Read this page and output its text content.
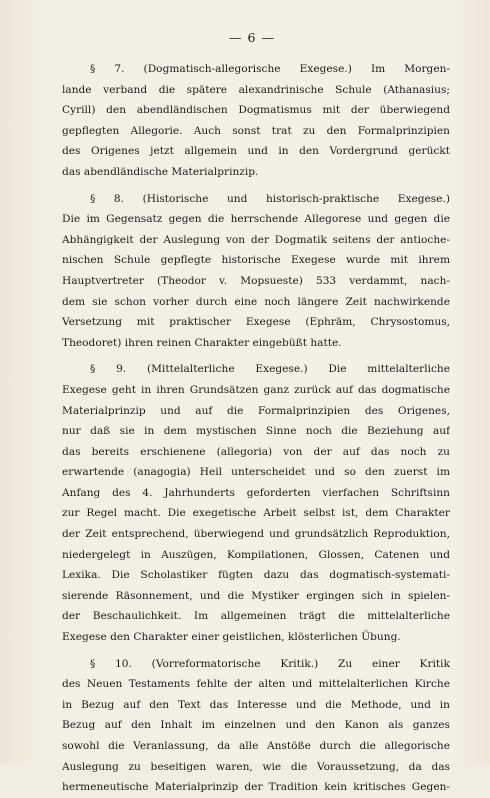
— 6 —
§ 7. (Dogmatisch-allegorische Exegese.) Im Morgen-
lande verband die spätere alexandrinische Schule (Athanasius;
Cyrill) den abendländischen Dogmatismus mit der überwiegend
gepflegten Allegorie. Auch sonst trat zu den Formalprinzipien
des Origenes jetzt allgemein und in den Vordergrund gerückt
das abendländische Materialprinzip.
§ 8. (Historische und historisch-praktische Exegese.)
Die im Gegensatz gegen die herrschende Allegorese und gegen die
Abhängigkeit der Auslegung von der Dogmatik seitens der antioche-
nischen Schule gepflegte historische Exegese wurde mit ihrem
Hauptvertreter (Theodor v. Mopsueste) 533 verdammt, nach-
dem sie schon vorher durch eine noch längere Zeit nachwirkende
Versetzung mit praktischer Exegese (Ephräm, Chrysostomus,
Theodoret) ihren reinen Charakter eingebüßt hatte.
§ 9. (Mittelalterliche Exegese.) Die mittelalterliche
Exegese geht in ihren Grundsätzen ganz zurück auf das dogmatische
Materialprinzip und auf die Formalprinzipien des Origenes,
nur daß sie in dem mystischen Sinne noch die Beziehung auf
das bereits erschienene (allegoria) von der auf das noch zu
erwartende (anagogia) Heil unterscheidet und so den zuerst im
Anfang des 4. Jahrhunderts geforderten vierfachen Schriftsinn
zur Regel macht. Die exegetische Arbeit selbst ist, dem Charakter
der Zeit entsprechend, überwiegend und grundsätzlich Reproduktion,
niedergelegt in Auszügen, Kompilationen, Glossen, Catenen und
Lexika. Die Scholastiker fügten dazu das dogmatisch-systemati-
sierende Räsonnement, und die Mystiker ergingen sich in spielen-
der Beschaulichkeit. Im allgemeinen trägt die mittelalterliche
Exegese den Charakter einer geistlichen, klösterlichen Übung.
§ 10. (Vorreformatorische Kritik.) Zu einer Kritik
des Neuen Testaments fehlte der alten und mittelalterlichen Kirche
in Bezug auf den Text das Interesse und die Methode, und in
Bezug auf den Inhalt im einzelnen und den Kanon als ganzes
sowohl die Veranlassung, da alle Anstöße durch die allegorische
Auslegung zu beseitigen waren, wie die Voraussetzung, da das
hermeneutische Materialprinzip der Tradition kein kritisches Gegen-
